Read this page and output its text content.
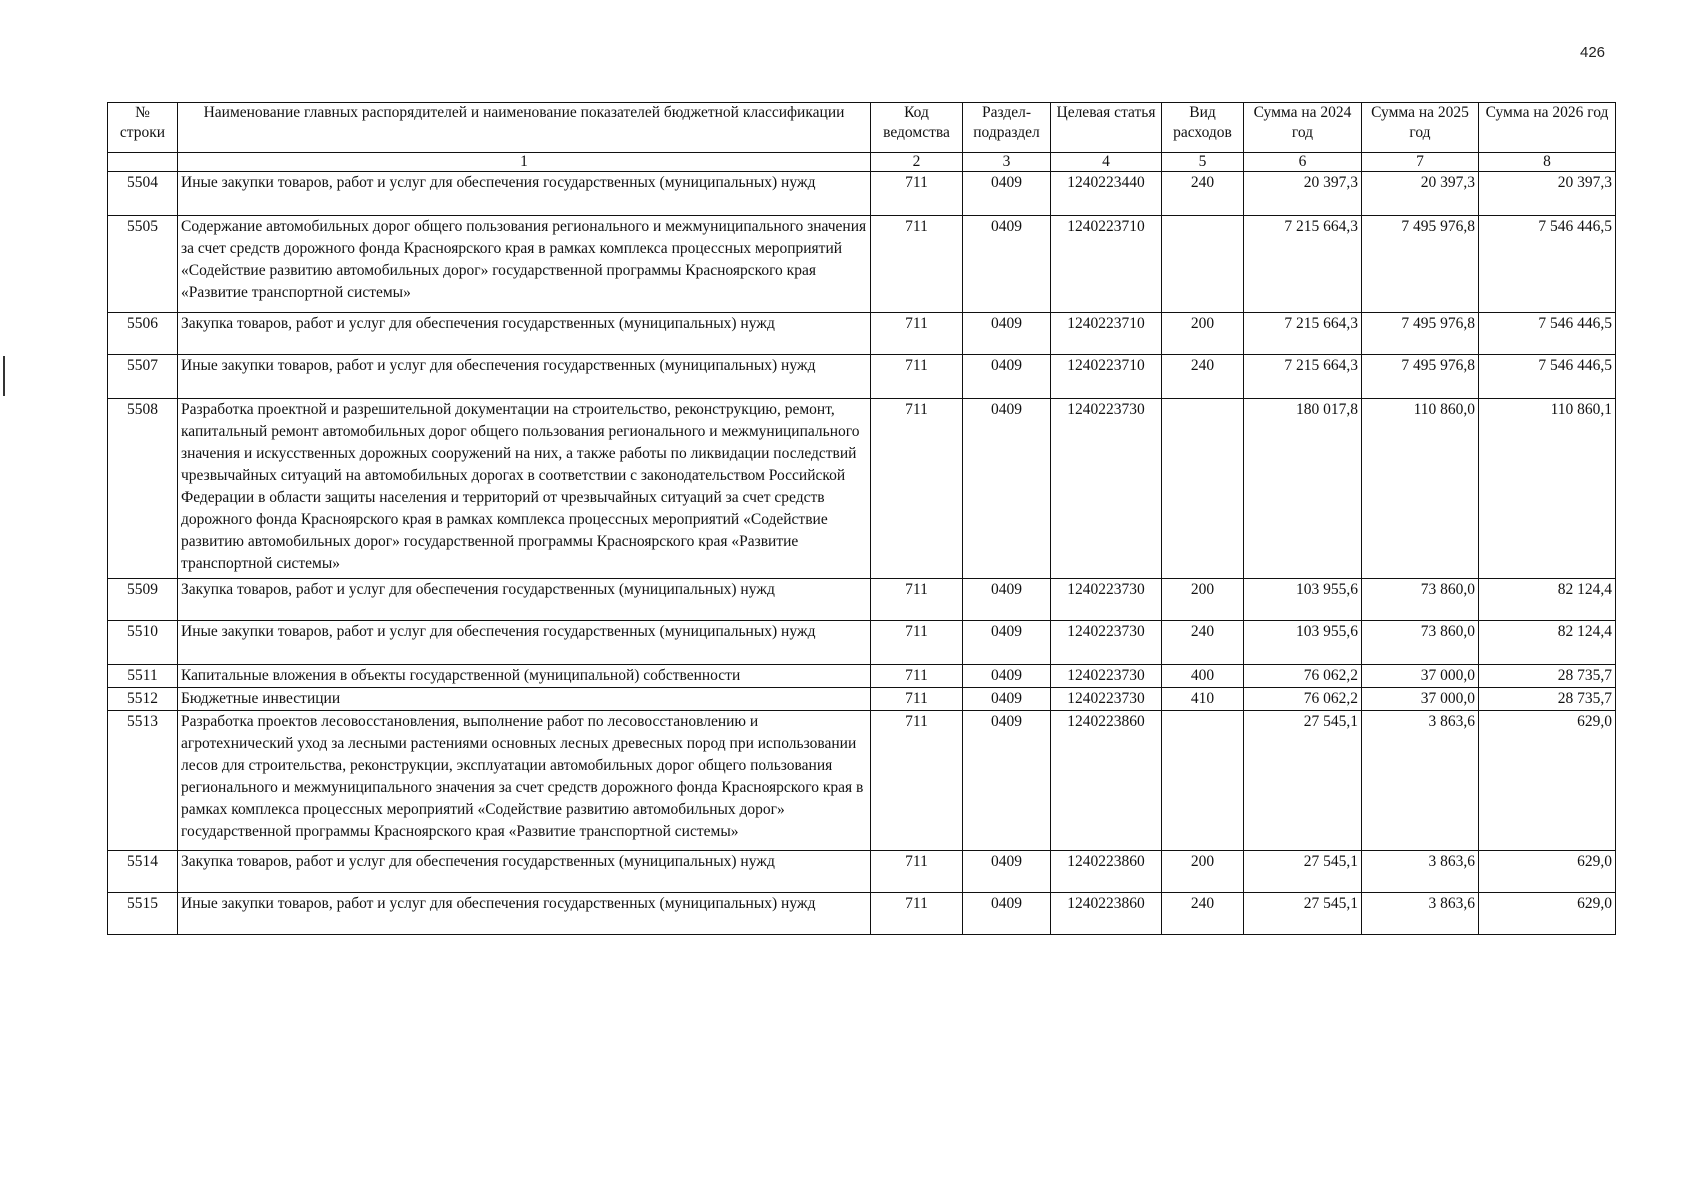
426
№ строки	Наименование главных распорядителей и наименование показателей бюджетной классификации	Код ведомства	Раздел-подраздел	Целевая статья	Вид расходов	Сумма на 2024 год	Сумма на 2025 год	Сумма на 2026 год
	1	2	3	4	5	6	7	8
5504	Иные закупки товаров, работ и услуг для обеспечения государственных (муниципальных) нужд	711	0409	1240223440	240	20 397,3	20 397,3	20 397,3
5505	Содержание автомобильных дорог общего пользования регионального и межмуниципального значения за счет средств дорожного фонда Красноярского края в рамках комплекса процессных мероприятий «Содействие развитию автомобильных дорог» государственной программы Красноярского края «Развитие транспортной системы»	711	0409	1240223710		7 215 664,3	7 495 976,8	7 546 446,5
5506	Закупка товаров, работ и услуг для обеспечения государственных (муниципальных) нужд	711	0409	1240223710	200	7 215 664,3	7 495 976,8	7 546 446,5
5507	Иные закупки товаров, работ и услуг для обеспечения государственных (муниципальных) нужд	711	0409	1240223710	240	7 215 664,3	7 495 976,8	7 546 446,5
5508	Разработка проектной и разрешительной документации на строительство, реконструкцию, ремонт, капитальный ремонт автомобильных дорог общего пользования регионального и межмуниципального значения и искусственных дорожных сооружений на них, а также работы по ликвидации последствий чрезвычайных ситуаций на автомобильных дорогах в соответствии с законодательством Российской Федерации в области защиты населения и территорий от чрезвычайных ситуаций за счет средств дорожного фонда Красноярского края в рамках комплекса процессных мероприятий «Содействие развитию автомобильных дорог» государственной программы Красноярского края «Развитие транспортной системы»	711	0409	1240223730		180 017,8	110 860,0	110 860,1
5509	Закупка товаров, работ и услуг для обеспечения государственных (муниципальных) нужд	711	0409	1240223730	200	103 955,6	73 860,0	82 124,4
5510	Иные закупки товаров, работ и услуг для обеспечения государственных (муниципальных) нужд	711	0409	1240223730	240	103 955,6	73 860,0	82 124,4
5511	Капитальные вложения в объекты государственной (муниципальной) собственности	711	0409	1240223730	400	76 062,2	37 000,0	28 735,7
5512	Бюджетные инвестиции	711	0409	1240223730	410	76 062,2	37 000,0	28 735,7
5513	Разработка проектов лесовосстановления, выполнение работ по лесовосстановлению и агротехнический уход за лесными растениями основных лесных древесных пород при использовании лесов для строительства, реконструкции, эксплуатации автомобильных дорог общего пользования регионального и межмуниципального значения за счет средств дорожного фонда Красноярского края в рамках комплекса процессных мероприятий «Содействие развитию автомобильных дорог» государственной программы Красноярского края «Развитие транспортной системы»	711	0409	1240223860		27 545,1	3 863,6	629,0
5514	Закупка товаров, работ и услуг для обеспечения государственных (муниципальных) нужд	711	0409	1240223860	200	27 545,1	3 863,6	629,0
5515	Иные закупки товаров, работ и услуг для обеспечения государственных (муниципальных) нужд	711	0409	1240223860	240	27 545,1	3 863,6	629,0
